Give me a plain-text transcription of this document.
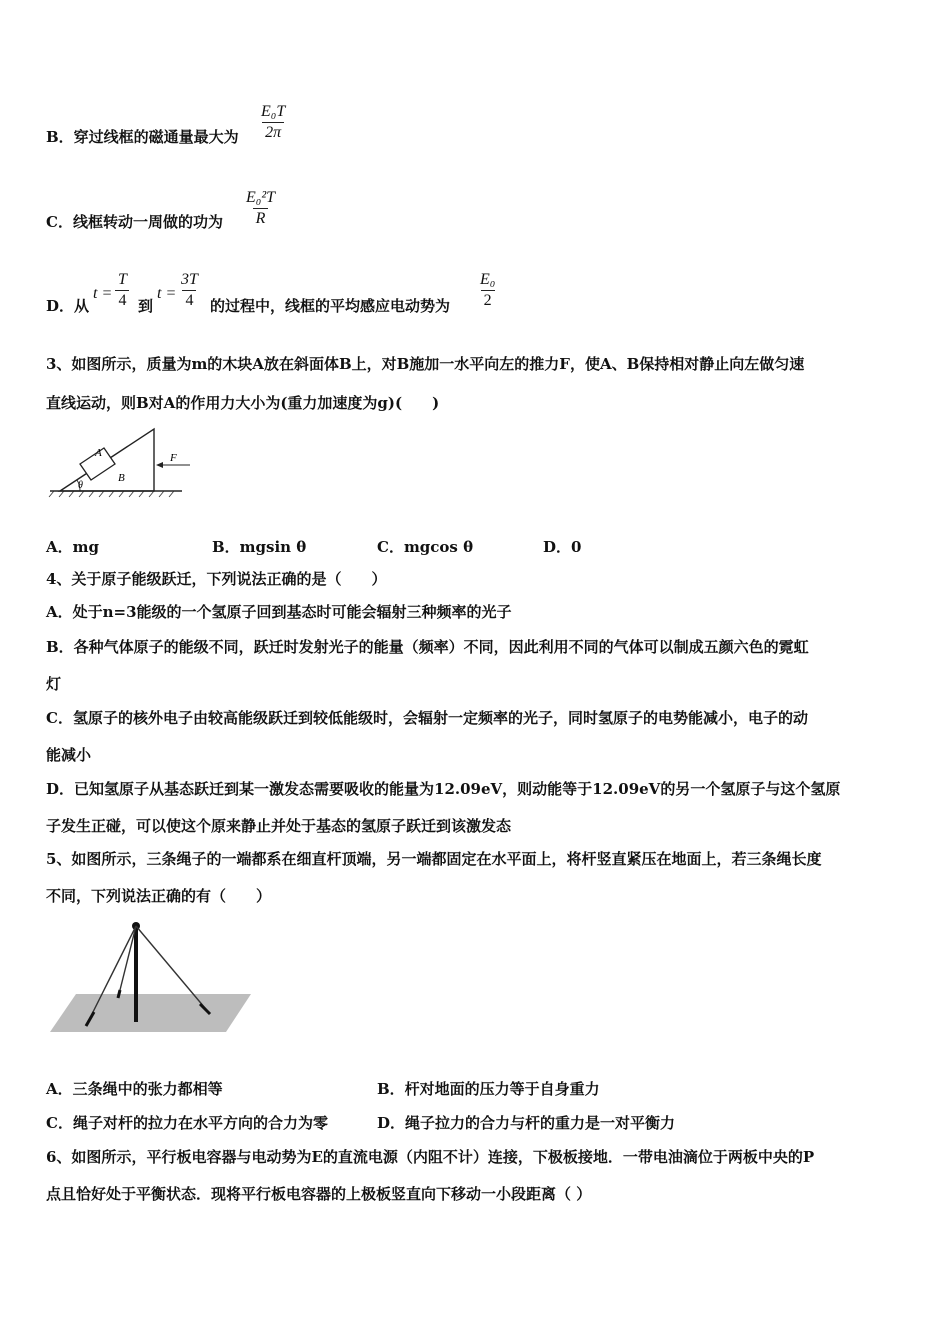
B．穿过线框的磁通量最大为 $\frac{\text{E₀T}}{2\pi}$
C．线框转动一周做的功为 $\frac{\text{E₀²T}}{R}$
D．从
$t = \frac{T}{4}$ 到
$t = \frac{3T}{4}$ 的过程中，线框的平均感应电动势为 $\frac{\text{E₀}}{2}$
3、如图所示，质量为m的木块A放在斜面体B上，对B施加一水平向左的推力F，使A、B保持相对静止向左做匀速
直线运动，则B对A的作用力大小为(重力加速度为g)(　　)
A
B
θ
F
A．mg	B．mgsin θ	C．mgcos θ	D．0
4、关于原子能级跃迁，下列说法正确的是（　　）
A．处于n=3能级的一个氢原子回到基态时可能会辐射三种频率的光子
B．各种气体原子的能级不同，跃迁时发射光子的能量（频率）不同，因此利用不同的气体可以制成五颜六色的霓虹
灯
C．氢原子的核外电子由较高能级跃迁到较低能级时，会辐射一定频率的光子，同时氢原子的电势能减小，电子的动
能减小
D．已知氢原子从基态跃迁到某一激发态需要吸收的能量为12.09eV，则动能等于12.09eV的另一个氢原子与这个氢原
子发生正碰，可以使这个原来静止并处于基态的氢原子跃迁到该激发态
5、如图所示，三条绳子的一端都系在细直杆顶端，另一端都固定在水平面上，将杆竖直紧压在地面上，若三条绳长度
不同，下列说法正确的有（　　）
A．三条绳中的张力都相等	B．杆对地面的压力等于自身重力
C．绳子对杆的拉力在水平方向的合力为零	D．绳子拉力的合力与杆的重力是一对平衡力
6、如图所示，平行板电容器与电动势为E的直流电源（内阻不计）连接，下极板接地．一带电油滴位于两板中央的P
点且恰好处于平衡状态．现将平行板电容器的上极板竖直向下移动一小段距离（ ）
